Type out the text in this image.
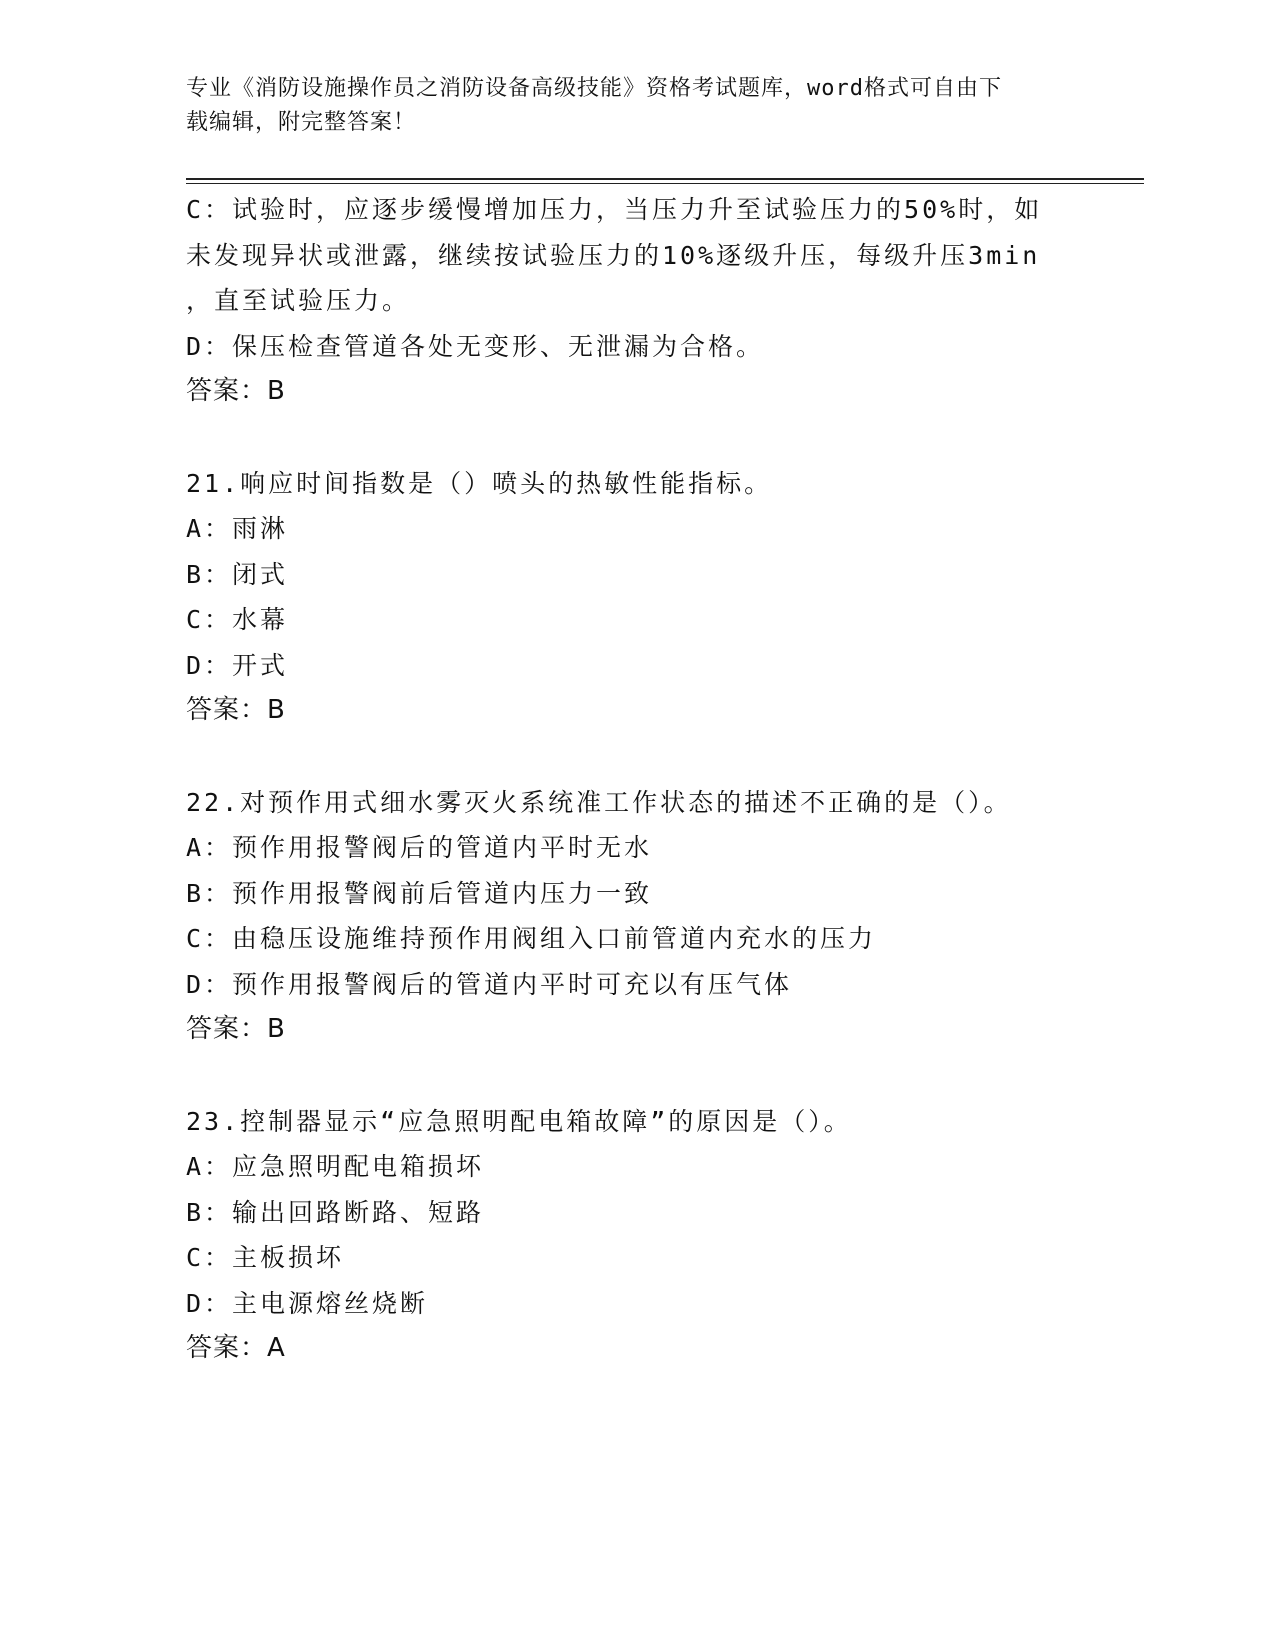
专业《消防设施操作员之消防设备高级技能》资格考试题库，word格式可自由下
载编辑，附完整答案！
C：试验时，应逐步缓慢增加压力，当压力升至试验压力的50%时，如
未发现异状或泄露，继续按试验压力的10%逐级升压，每级升压3min
，直至试验压力。
D：保压检查管道各处无变形、无泄漏为合格。
答案：B
21.响应时间指数是（）喷头的热敏性能指标。
A：雨淋
B：闭式
C：水幕
D：开式
答案：B
22.对预作用式细水雾灭火系统准工作状态的描述不正确的是（）。
A：预作用报警阀后的管道内平时无水
B：预作用报警阀前后管道内压力一致
C：由稳压设施维持预作用阀组入口前管道内充水的压力
D：预作用报警阀后的管道内平时可充以有压气体
答案：B
23.控制器显示“应急照明配电箱故障”的原因是（）。
A：应急照明配电箱损坏
B：输出回路断路、短路
C：主板损坏
D：主电源熔丝烧断
答案：A
